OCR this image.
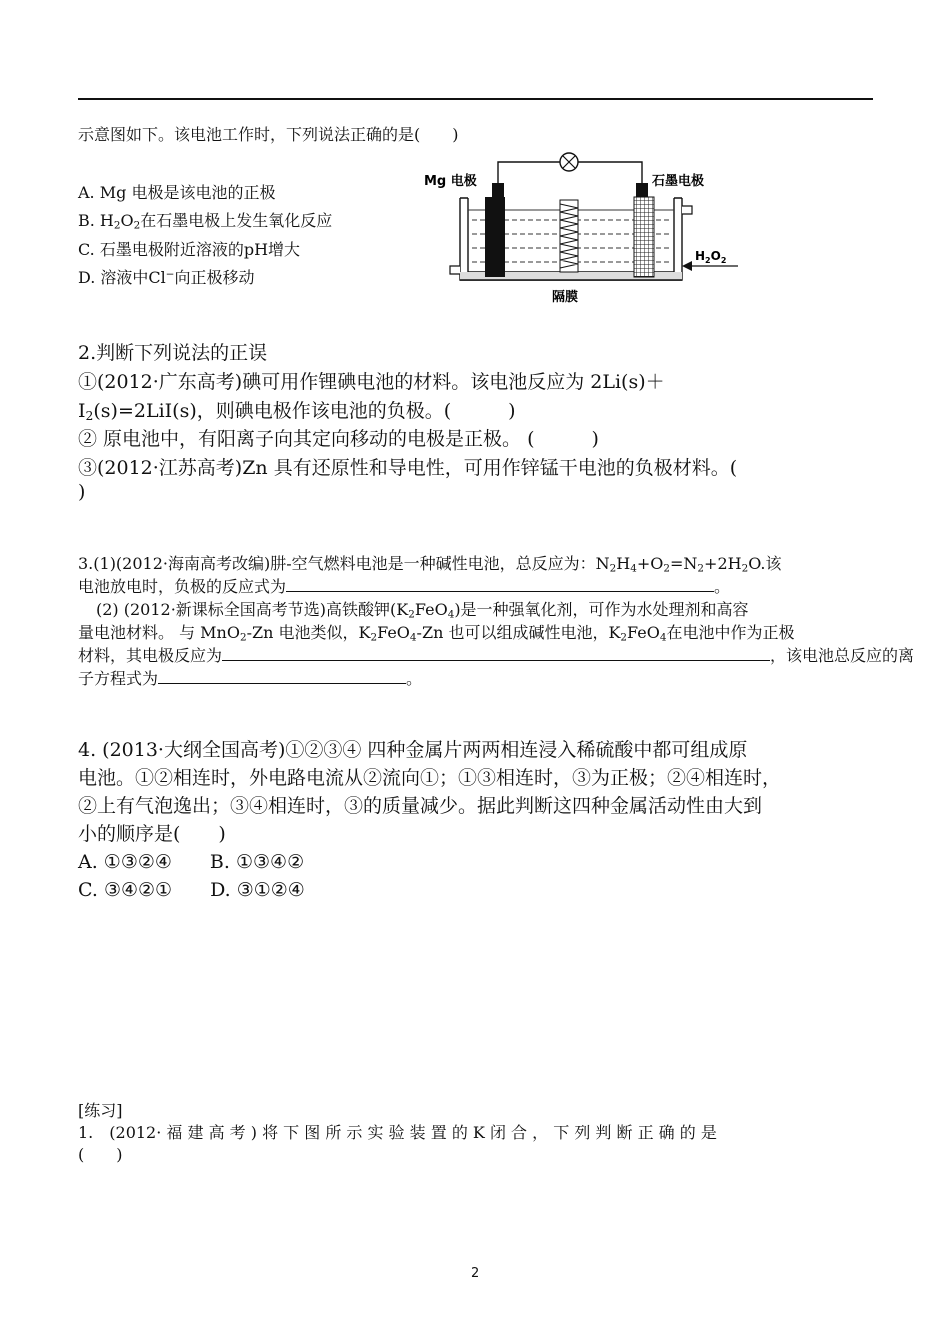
示意图如下。该电池工作时，下列说法正确的是(　　)
A. Mg 电极是该电池的正极
B. $H_2O_2$在石墨电极上发生氧化反应
C. 石墨电极附近溶液的pH增大
D. 溶液中Cl−向正极移动
Mg 电极	石墨电极
$H_2O_2$
隔膜
2.判断下列说法的正误
①(2012·广东高考)碘可用作锂碘电池的材料。该电池反应为 2Li(s)＋
$I_2(s)=2LiI(s)$，则碘电极作该电池的负极。(　　　)
② 原电池中，有阳离子向其定向移动的电极是正极。 (　　　)
③(2012·江苏高考)Zn 具有还原性和导电性，可用作锌锰干电池的负极材料。(
)
3.(1)(2012·海南高考改编)肼-空气燃料电池是一种碱性电池，总反应为：$N_2H_4+O_2=N_2+2H_2O$.该
电池放电时，负极的反应式为	。
(2) (2012·新课标全国高考节选)高铁酸钾$(K_2FeO_4)$是一种强氧化剂，可作为水处理剂和高容
量电池材料。 与 MnO$_2$-Zn 电池类似，$K_2FeO_4-Zn$ 也可以组成碱性电池，$K_2FeO_4$在电池中作为正极
材料，其电极反应为	，该电池总反应的离
子方程式为	。
4. (2013·大纲全国高考)①②③④ 四种金属片两两相连浸入稀硫酸中都可组成原
电池。①②相连时，外电路电流从②流向①；①③相连时，③为正极；②④相连时，
②上有气泡逸出；③④相连时，③的质量减少。据此判断这四种金属活动性由大到
小的顺序是(　　)
A. ①③②④　　B. ①③④②
C. ③④②①　　D. ③①②④
[练习]
1.　(2012· 福 建 高 考 ) 将 下 图 所 示 实 验 装 置 的 K 闭 合 ， 下 列 判 断 正 确 的 是
(　　)
2
